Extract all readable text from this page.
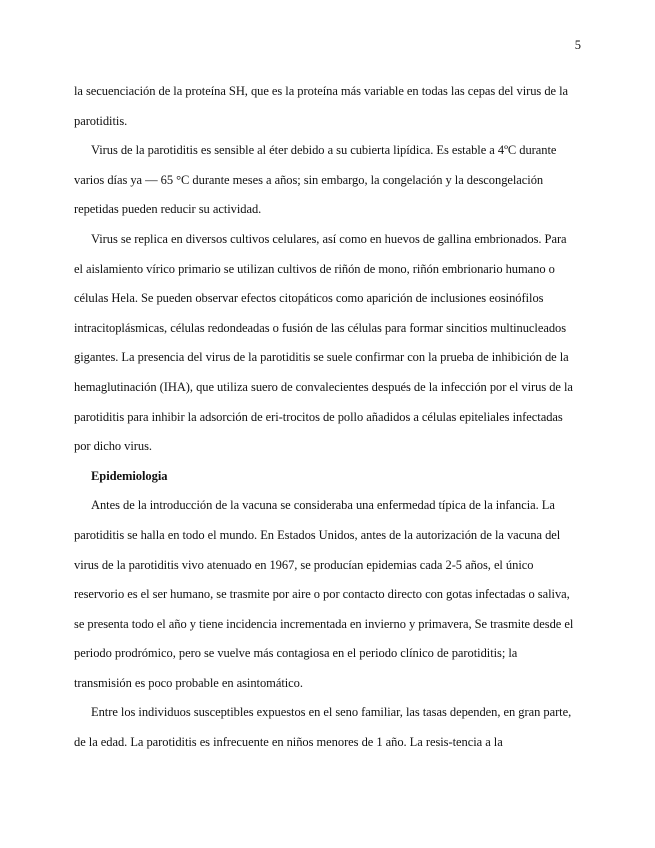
5

la secuenciación de la proteína SH, que es la proteína más variable en todas las cepas del virus de la parotiditis.

Virus de la parotiditis es sensible al éter debido a su cubierta lipídica. Es estable a 4ºC durante varios días ya — 65 °C durante meses a años; sin embargo, la congelación y la descongelación repetidas pueden reducir su actividad.

Virus se replica en diversos cultivos celulares, así como en huevos de gallina embrionados. Para el aislamiento vírico primario se utilizan cultivos de riñón de mono, riñón embrionario humano o células Hela. Se pueden observar efectos citopáticos como aparición de inclusiones eosinófilos intracitoplásmicas, células redondeadas o fusión de las células para formar sincitios multinucleados gigantes. La presencia del virus de la parotiditis se suele confirmar con la prueba de inhibición de la hemaglutinación (IHA), que utiliza suero de convalecientes después de la infección por el virus de la parotiditis para inhibir la adsorción de eri-trocitos de pollo añadidos a células epiteliales infectadas por dicho virus.

Epidemiologia

Antes de la introducción de la vacuna se consideraba una enfermedad típica de la infancia. La parotiditis se halla en todo el mundo. En Estados Unidos, antes de la autorización de la vacuna del virus de la parotiditis vivo atenuado en 1967, se producían epidemias cada 2-5 años, el único reservorio es el ser humano, se trasmite por aire o por contacto directo con gotas infectadas o saliva, se presenta todo el año y tiene incidencia incrementada en invierno y primavera, Se trasmite desde el periodo prodrómico, pero se vuelve más contagiosa en el periodo clínico de parotiditis; la transmisión es poco probable en asintomático.

Entre los individuos susceptibles expuestos en el seno familiar, las tasas dependen, en gran parte, de la edad. La parotiditis es infrecuente en niños menores de 1 año. La resis-tencia a la
